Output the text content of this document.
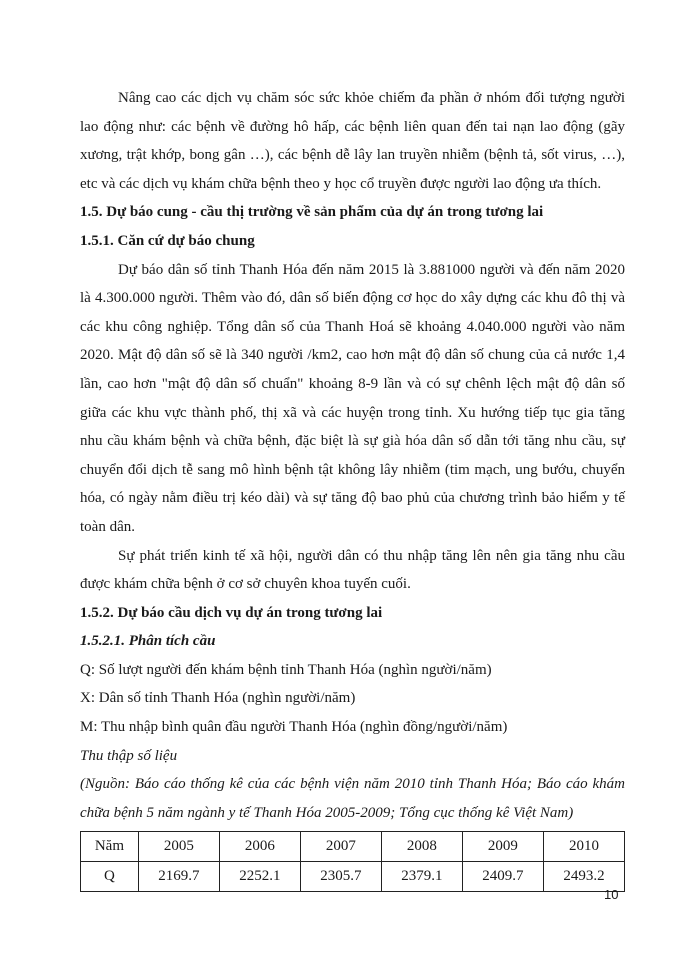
Nâng cao các dịch vụ chăm sóc sức khỏe chiếm đa phần ở nhóm đối tượng người lao động như: các bệnh về đường hô hấp, các bệnh liên quan đến tai nạn lao động (gãy xương, trật khớp, bong gân …), các bệnh dễ lây lan truyền nhiễm (bệnh tả, sốt virus, …), etc và các dịch vụ khám chữa bệnh theo y học cổ truyền được người lao động ưa thích.

1.5. Dự báo cung - cầu thị trường về sản phẩm của dự án trong tương lai

1.5.1. Căn cứ dự báo chung

Dự báo dân số tỉnh Thanh Hóa đến năm 2015 là 3.881000 người và đến năm 2020 là 4.300.000 người. Thêm vào đó, dân số biến động cơ học do xây dựng các khu đô thị và các khu công nghiệp. Tổng dân số của Thanh Hoá sẽ khoảng 4.040.000 người vào năm 2020. Mật độ dân số sẽ là 340 người /km2, cao hơn mật độ dân số chung của cả nước 1,4 lần, cao hơn "mật độ dân số chuẩn" khoảng 8-9 lần và có sự chênh lệch mật độ dân số giữa các khu vực thành phố, thị xã và các huyện trong tỉnh. Xu hướng tiếp tục gia tăng nhu cầu khám bệnh và chữa bệnh, đặc biệt là sự già hóa dân số dẫn tới tăng nhu cầu, sự chuyển đổi dịch tễ sang mô hình bệnh tật không lây nhiễm (tim mạch, ung bướu, chuyển hóa, có ngày nằm điều trị kéo dài) và sự tăng độ bao phủ của chương trình bảo hiểm y tế toàn dân.

Sự phát triển kinh tế xã hội, người dân có thu nhập tăng lên nên gia tăng nhu cầu được khám chữa bệnh ở cơ sở chuyên khoa tuyến cuối.

1.5.2. Dự báo cầu dịch vụ dự án trong tương lai

1.5.2.1. Phân tích cầu

Q: Số lượt người đến khám bệnh tỉnh Thanh Hóa (nghìn người/năm)

X: Dân số tỉnh Thanh Hóa (nghìn người/năm)

M: Thu nhập bình quân đầu người Thanh Hóa (nghìn đồng/người/năm)

Thu thập số liệu

(Nguồn: Báo cáo thống kê của các bệnh viện năm 2010 tỉnh Thanh Hóa; Báo cáo khám chữa bệnh 5 năm ngành y tế Thanh Hóa 2005-2009; Tổng cục thống kê Việt Nam)

Năm	2005	2006	2007	2008	2009	2010
Q	2169.7	2252.1	2305.7	2379.1	2409.7	2493.2
10
